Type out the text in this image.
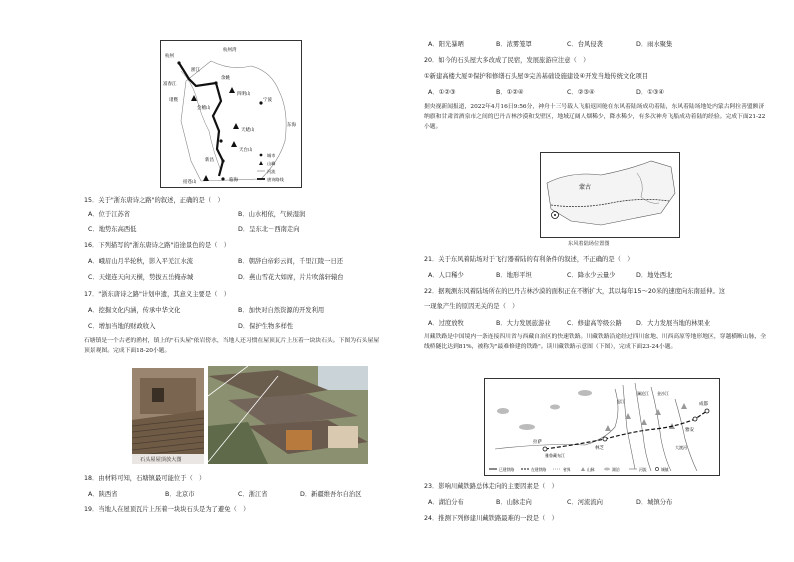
杭州
杭州湾
富春江
余姚
会稽山
四明山
宁波
天姥山
天台山
东海
临海
括苍山
新昌
诸暨
浙江
城市
山峰
河流
唐诗路线
15．关于"浙东唐诗之路"的叙述，正确的是（　）
A．位于江苏省	B．山水相依，气候湿润
C．地势东高西低	D．呈东北－西南走向
16．下列描写的"浙东唐诗之路"沿途景色的是（　）
A．峨眉山月半轮秋，影入平羌江水流	B．朝辞白帝彩云间，千里江陵一日还
C．天姥连天向天横，势拔五岳掩赤城	D．燕山雪花大如席，片片吹落轩辕台
17．"浙东唐诗之路"计划申遗，其意义主要是（　）
A．挖掘文化内涵，传承中华文化	B．加快对自然资源的开发利用
C．增加当地的财政收入	D．保护生物多样性
石塘镇是一个古老的渔村，镇上的"石头屋"依岩傍水，当地人还习惯在屋顶瓦片上压着一块块石头。下图为石头屋屋顶景观图。完成下面18-20小题。
石头屋屋顶放大图
18．由材料可知，石塘镇最可能位于（　）
A．陕西省	B．北京市	C．浙江省	D．新疆维吾尔自治区
19．当地人在屋顶瓦片上压着一块块石头是为了避免（　）
A．阳光暴晒	B．浓雾笼罩	C．台风侵袭	D．雨水聚集
20．如今的石头屋大多改成了民宿，发展旅游应注意（　）
①新建高楼大厦②保护和修缮石头屋③完善基础设施建设④开发当地传统文化项目
A．①②③	B．①②④	C．②③④	D．①③④
据央视新闻报道，2022年4月16日9:56分，神舟十三号载人飞船返回舱在东风着陆场成功着陆，东风着陆场地处内蒙古阿拉善盟额济纳旗和甘肃省酒泉市之间的巴丹吉林沙漠和戈壁区，地域辽阔人烟稀少，降水稀少，有多次神舟飞船成功着陆的经验。完成下面21-22小题。
蒙古
东风着陆场位置图
21．关于东风着陆场对于飞行器着陆的有利条件的叙述，不正确的是（　）
A．人口稀少	B．地形平坦	C．降水少云量少	D．地处西北
22．据观测东风着陆场所在的巴丹吉林沙漠的面积正在不断扩大，其以每年15～20米的速度向东南延伸。这
一现象产生的原因无关的是（　）
A．过度放牧	B．大力发展旅游业	C．修建高等级公路 D．大力发展当地的林果业
川藏铁路是中国境内一条连接四川省与西藏自治区的快速铁路。川藏铁路沿途经过四川盆地、川西高原等地形地区，穿越横断山脉，全线桥隧比达到81%，被称为"最难修建的铁路"。读川藏铁路示意图（下图），完成下面23-24小题。
成都
雅安
林芝
拉萨
雅鲁藏布江
大渡河
金沙江
澜沧江
怒江
已建铁路	在建铁路	省界	山脉	湖泊	河流	城镇
23．影响川藏铁路总体走向的主要因素是（　）
A．湖泊分布	B．山脉走向	C．河流流向	D．城镇分布
24．推测下列修建川藏铁路最难的一段是（　）
